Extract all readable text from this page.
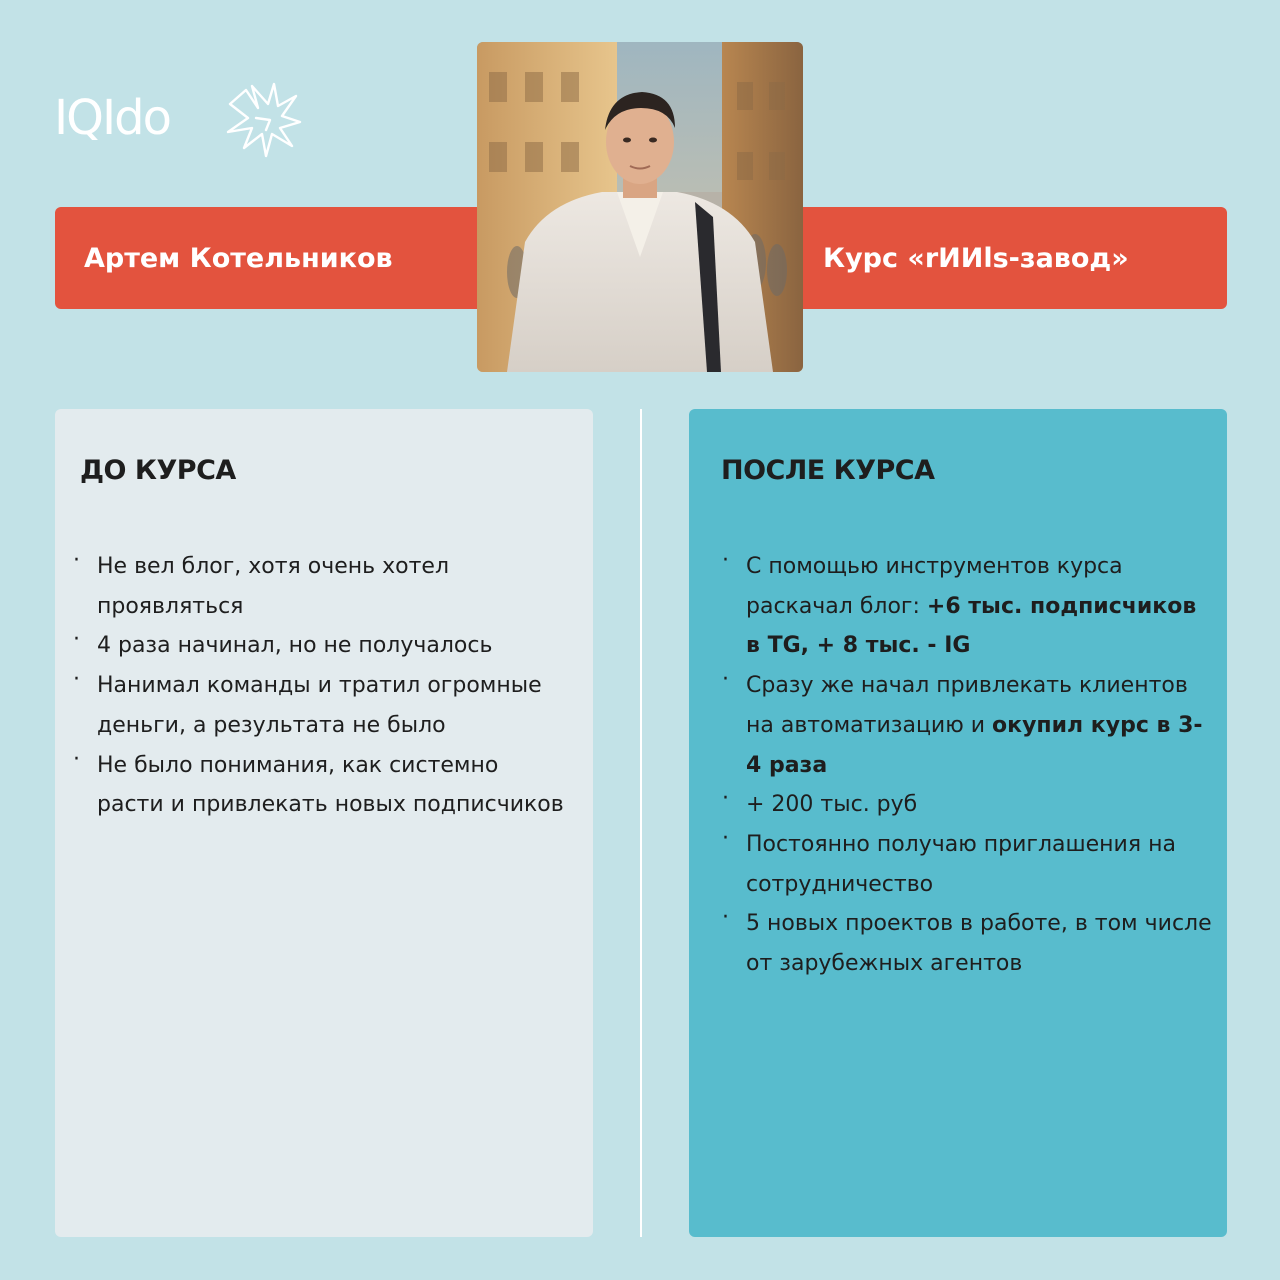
IQIdo
Артем Котельников	Курс «rИИls-завод»
ДО КУРСА
· Не вел блог, хотя очень хотел проявляться
· 4 раза начинал, но не получалось
· Нанимал команды и тратил огромные деньги, а результата не было
· Не было понимания, как системно расти и привлекать новых подписчиков
ПОСЛЕ КУРСА
· С помощью инструментов курса раскачал блог: +6 тыс. подписчиков в TG, + 8 тыс. - IG
· Сразу же начал привлекать клиентов на автоматизацию и окупил курс в 3-4 раза
· + 200 тыс. руб
· Постоянно получаю приглашения на сотрудничество
· 5 новых проектов в работе, в том числе от зарубежных агентов
